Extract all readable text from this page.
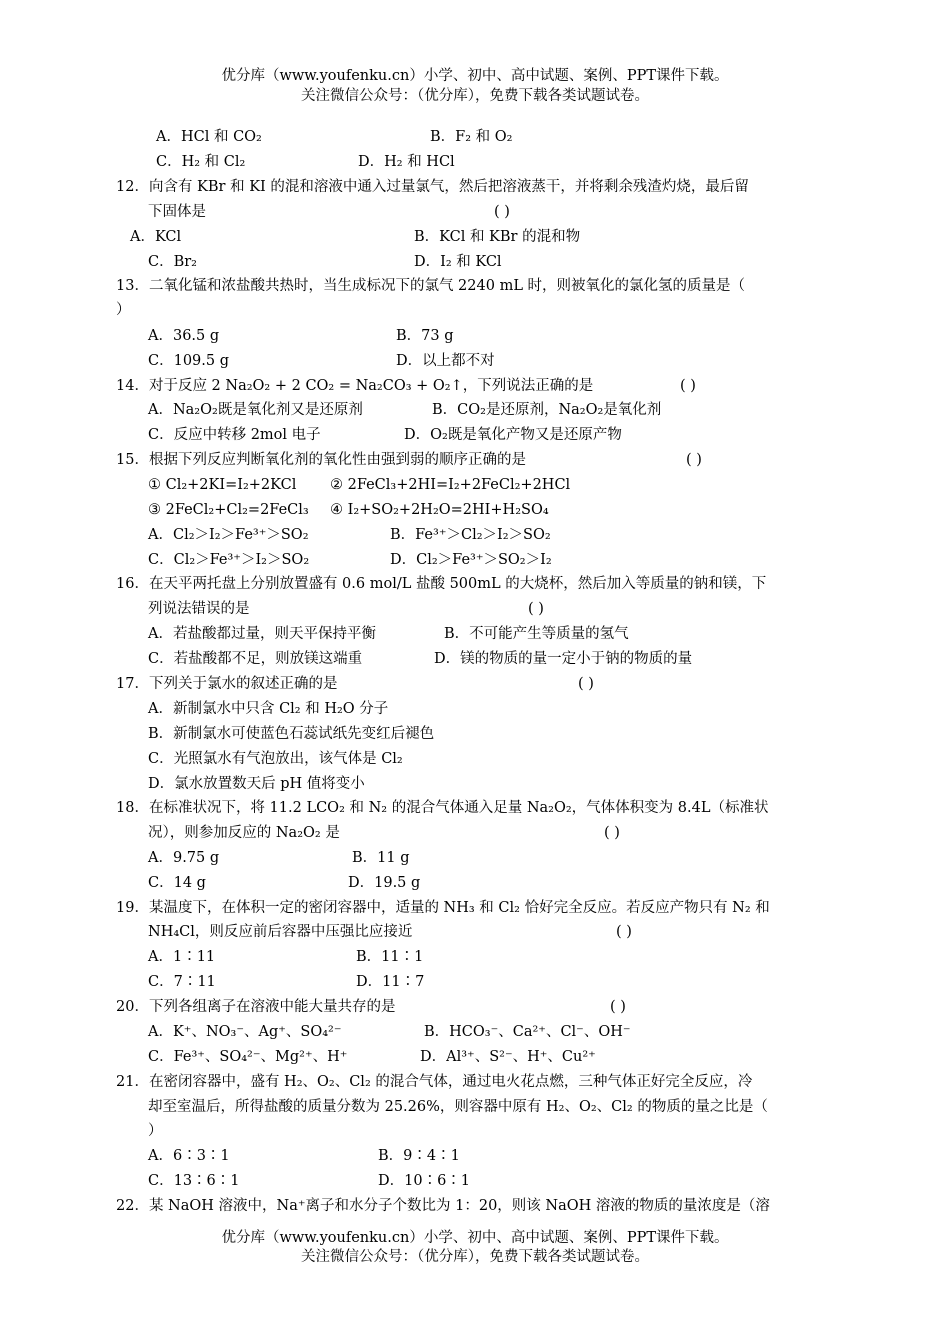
优分库（www.youfenku.cn）小学、初中、高中试题、案例、PPT课件下载。
关注微信公众号：（优分库），免费下载各类试题试卷。
A．HCl 和 CO₂	B．F₂ 和 O₂
C．H₂ 和 Cl₂	D．H₂ 和 HCl
12．向含有 KBr 和 KI 的混和溶液中通入过量氯气，然后把溶液蒸干，并将剩余残渣灼烧，最后留
下固体是	( )
A．KCl	B．KCl 和 KBr 的混和物
C．Br₂	D．I₂ 和 KCl
13．二氧化锰和浓盐酸共热时，当生成标况下的氯气 2240 mL 时，则被氧化的氯化氢的质量是（
）
A．36.5 g	B．73 g
C．109.5 g	D．以上都不对
14．对于反应 2 Na₂O₂ + 2 CO₂ = Na₂CO₃ + O₂↑，下列说法正确的是	( )
A．Na₂O₂既是氧化剂又是还原剂	B．CO₂是还原剂，Na₂O₂是氧化剂
C．反应中转移 2mol 电子	D．O₂既是氧化产物又是还原产物
15．根据下列反应判断氧化剂的氧化性由强到弱的顺序正确的是	( )
① Cl₂+2KI=I₂+2KCl ② 2FeCl₃+2HI=I₂+2FeCl₂+2HCl
③ 2FeCl₂+Cl₂=2FeCl₃ ④ I₂+SO₂+2H₂O=2HI+H₂SO₄
A．Cl₂＞I₂＞Fe³⁺＞SO₂	B．Fe³⁺＞Cl₂＞I₂＞SO₂
C．Cl₂＞Fe³⁺＞I₂＞SO₂	D．Cl₂＞Fe³⁺＞SO₂＞I₂
16．在天平两托盘上分别放置盛有 0.6 mol/L 盐酸 500mL 的大烧杯，然后加入等质量的钠和镁，下
列说法错误的是	( )
A．若盐酸都过量，则天平保持平衡	B．不可能产生等质量的氢气
C．若盐酸都不足，则放镁这端重	D．镁的物质的量一定小于钠的物质的量
17．下列关于氯水的叙述正确的是	( )
A．新制氯水中只含 Cl₂ 和 H₂O 分子
B．新制氯水可使蓝色石蕊试纸先变红后褪色
C．光照氯水有气泡放出，该气体是 Cl₂
D．氯水放置数天后 pH 值将变小
18．在标准状况下，将 11.2 LCO₂ 和 N₂ 的混合气体通入足量 Na₂O₂，气体体积变为 8.4L（标准状
况），则参加反应的 Na₂O₂ 是	( )
A．9.75 g	B．11 g
C．14 g	D．19.5 g
19．某温度下，在体积一定的密闭容器中，适量的 NH₃ 和 Cl₂ 恰好完全反应。若反应产物只有 N₂ 和
NH₄Cl，则反应前后容器中压强比应接近	( )
A．1∶11	B．11∶1
C．7∶11	D．11∶7
20．下列各组离子在溶液中能大量共存的是	( )
A．K⁺、NO₃⁻、Ag⁺、SO₄²⁻	B．HCO₃⁻、Ca²⁺、Cl⁻、OH⁻
C．Fe³⁺、SO₄²⁻、Mg²⁺、H⁺	D．Al³⁺、S²⁻、H⁺、Cu²⁺
21．在密闭容器中，盛有 H₂、O₂、Cl₂ 的混合气体，通过电火花点燃，三种气体正好完全反应，冷
却至室温后，所得盐酸的质量分数为 25.26%，则容器中原有 H₂、O₂、Cl₂ 的物质的量之比是（
）
A．6∶3∶1	B．9∶4∶1
C．13∶6∶1	D．10∶6∶1
22．某 NaOH 溶液中，Na⁺离子和水分子个数比为 1：20，则该 NaOH 溶液的物质的量浓度是（溶
优分库（www.youfenku.cn）小学、初中、高中试题、案例、PPT课件下载。
关注微信公众号：（优分库），免费下载各类试题试卷。
